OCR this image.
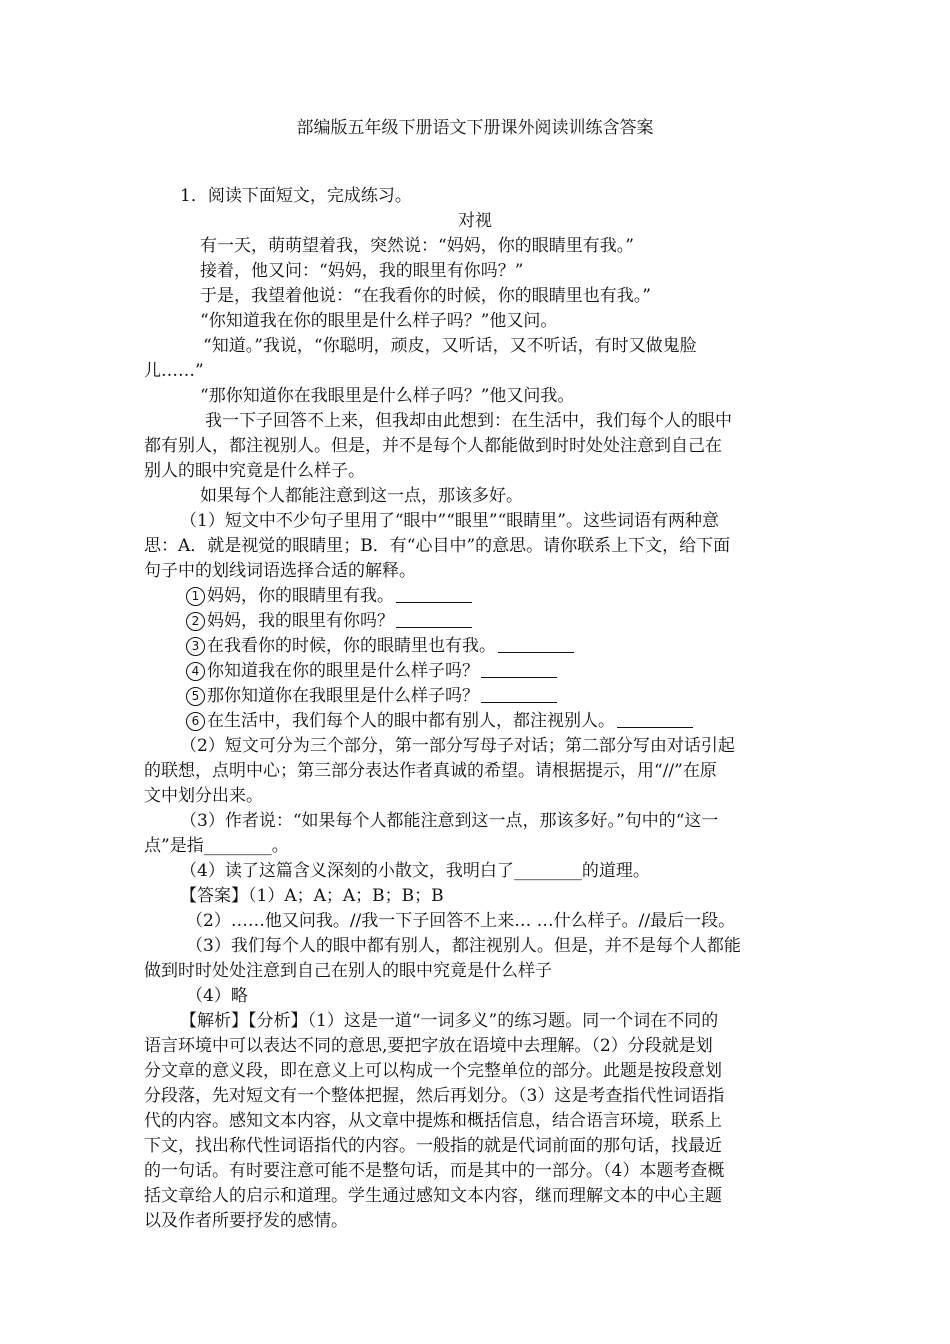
部编版五年级下册语文下册课外阅读训练含答案
1．阅读下面短文，完成练习。
对视
有一天，萌萌望着我，突然说：“妈妈，你的眼睛里有我。”
接着，他又问：“妈妈，我的眼里有你吗？”
于是，我望着他说：“在我看你的时候，你的眼睛里也有我。”
“你知道我在你的眼里是什么样子吗？”他又问。
“知道。”我说，“你聪明，顽皮，又听话，又不听话，有时又做鬼脸
儿……”
“那你知道你在我眼里是什么样子吗？”他又问我。
我一下子回答不上来，但我却由此想到：在生活中，我们每个人的眼中
都有别人，都注视别人。但是，并不是每个人都能做到时时处处注意到自己在
别人的眼中究竟是什么样子。
如果每个人都能注意到这一点，那该多好。
（1）短文中不少句子里用了“眼中”“眼里”“眼睛里”。这些词语有两种意
思：A．就是视觉的眼睛里；B．有“心目中”的意思。请你联系上下文，给下面
句子中的划线词语选择合适的解释。
1 妈妈，你的眼睛里有我。
2 妈妈，我的眼里有你吗？
3 在我看你的时候，你的眼睛里也有我。
4 你知道我在你的眼里是什么样子吗？
5 那你知道你在我眼里是什么样子吗？
6 在生活中，我们每个人的眼中都有别人，都注视别人。
（2）短文可分为三个部分，第一部分写母子对话；第二部分写由对话引起
的联想，点明中心；第三部分表达作者真诚的希望。请根据提示，用“//”在原
文中划分出来。
（3）作者说：“如果每个人都能注意到这一点，那该多好。”句中的“这一
点”是指________。
（4）读了这篇含义深刻的小散文，我明白了________的道理。
【答案】（1）A；A；A；B；B；B
（2）……他又问我。//我一下子回答不上来… …什么样子。//最后一段。
（3）我们每个人的眼中都有别人，都注视别人。但是，并不是每个人都能
做到时时处处注意到自己在别人的眼中究竟是什么样子
（4）略
【解析】【分析】（1）这是一道“一词多义”的练习题。同一个词在不同的
语言环境中可以表达不同的意思,要把字放在语境中去理解。（2）分段就是划
分文章的意义段，即在意义上可以构成一个完整单位的部分。此题是按段意划
分段落，先对短文有一个整体把握，然后再划分。（3）这是考查指代性词语指
代的内容。感知文本内容，从文章中提炼和概括信息，结合语言环境，联系上
下文，找出称代性词语指代的内容。一般指的就是代词前面的那句话，找最近
的一句话。有时要注意可能不是整句话，而是其中的一部分。（4）本题考查概
括文章给人的启示和道理。学生通过感知文本内容，继而理解文本的中心主题
以及作者所要抒发的感情。
